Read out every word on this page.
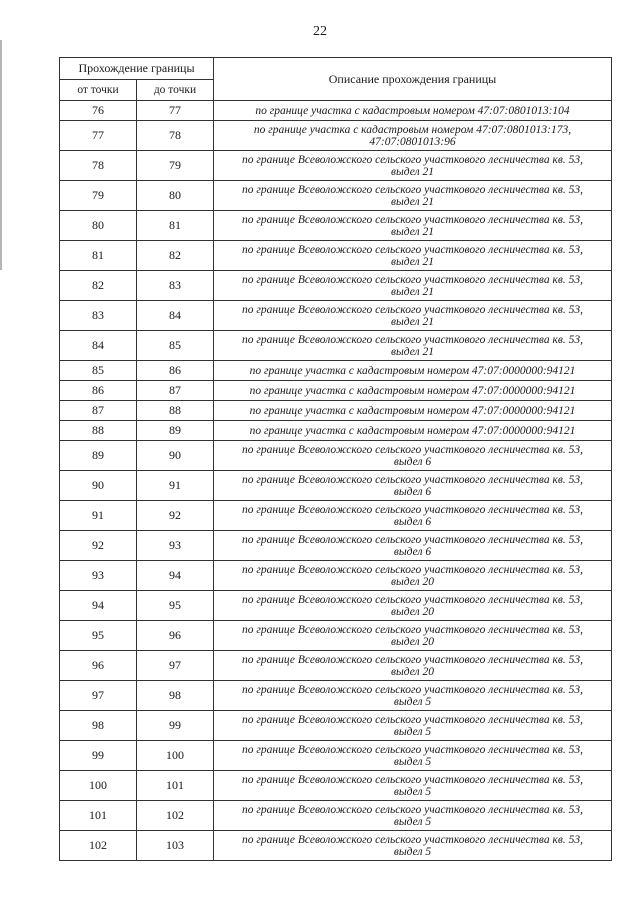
22
Прохождение границы		Описание прохождения границы
от точки	до точки	
76	77	по границе участка с кадастровым номером 47:07:0801013:104

77	78	по границе участка с кадастровым номером 47:07:0801013:173,
47:07:0801013:96

78	79	по границе Всеволожского сельского участкового лесничества кв. 53,
выдел 21

79	80	по границе Всеволожского сельского участкового лесничества кв. 53,
выдел 21

80	81	по границе Всеволожского сельского участкового лесничества кв. 53,
выдел 21

81	82	по границе Всеволожского сельского участкового лесничества кв. 53,
выдел 21

82	83	по границе Всеволожского сельского участкового лесничества кв. 53,
выдел 21

83	84	по границе Всеволожского сельского участкового лесничества кв. 53,
выдел 21

84	85	по границе Всеволожского сельского участкового лесничества кв. 53,
выдел 21

85	86	по границе участка с кадастровым номером 47:07:0000000:94121

86	87	по границе участка с кадастровым номером 47:07:0000000:94121

87	88	по границе участка с кадастровым номером 47:07:0000000:94121

88	89	по границе участка с кадастровым номером 47:07:0000000:94121

89	90	по границе Всеволожского сельского участкового лесничества кв. 53,
выдел 6

90	91	по границе Всеволожского сельского участкового лесничества кв. 53,
выдел 6

91	92	по границе Всеволожского сельского участкового лесничества кв. 53,
выдел 6

92	93	по границе Всеволожского сельского участкового лесничества кв. 53,
выдел 6

93	94	по границе Всеволожского сельского участкового лесничества кв. 53,
выдел 20

94	95	по границе Всеволожского сельского участкового лесничества кв. 53,
выдел 20

95	96	по границе Всеволожского сельского участкового лесничества кв. 53,
выдел 20

96	97	по границе Всеволожского сельского участкового лесничества кв. 53,
выдел 20

97	98	по границе Всеволожского сельского участкового лесничества кв. 53,
выдел 5

98	99	по границе Всеволожского сельского участкового лесничества кв. 53,
выдел 5

99	100	по границе Всеволожского сельского участкового лесничества кв. 53,
выдел 5

100	101	по границе Всеволожского сельского участкового лесничества кв. 53,
выдел 5

101	102	по границе Всеволожского сельского участкового лесничества кв. 53,
выдел 5

102	103	по границе Всеволожского сельского участкового лесничества кв. 53,
выдел 5
